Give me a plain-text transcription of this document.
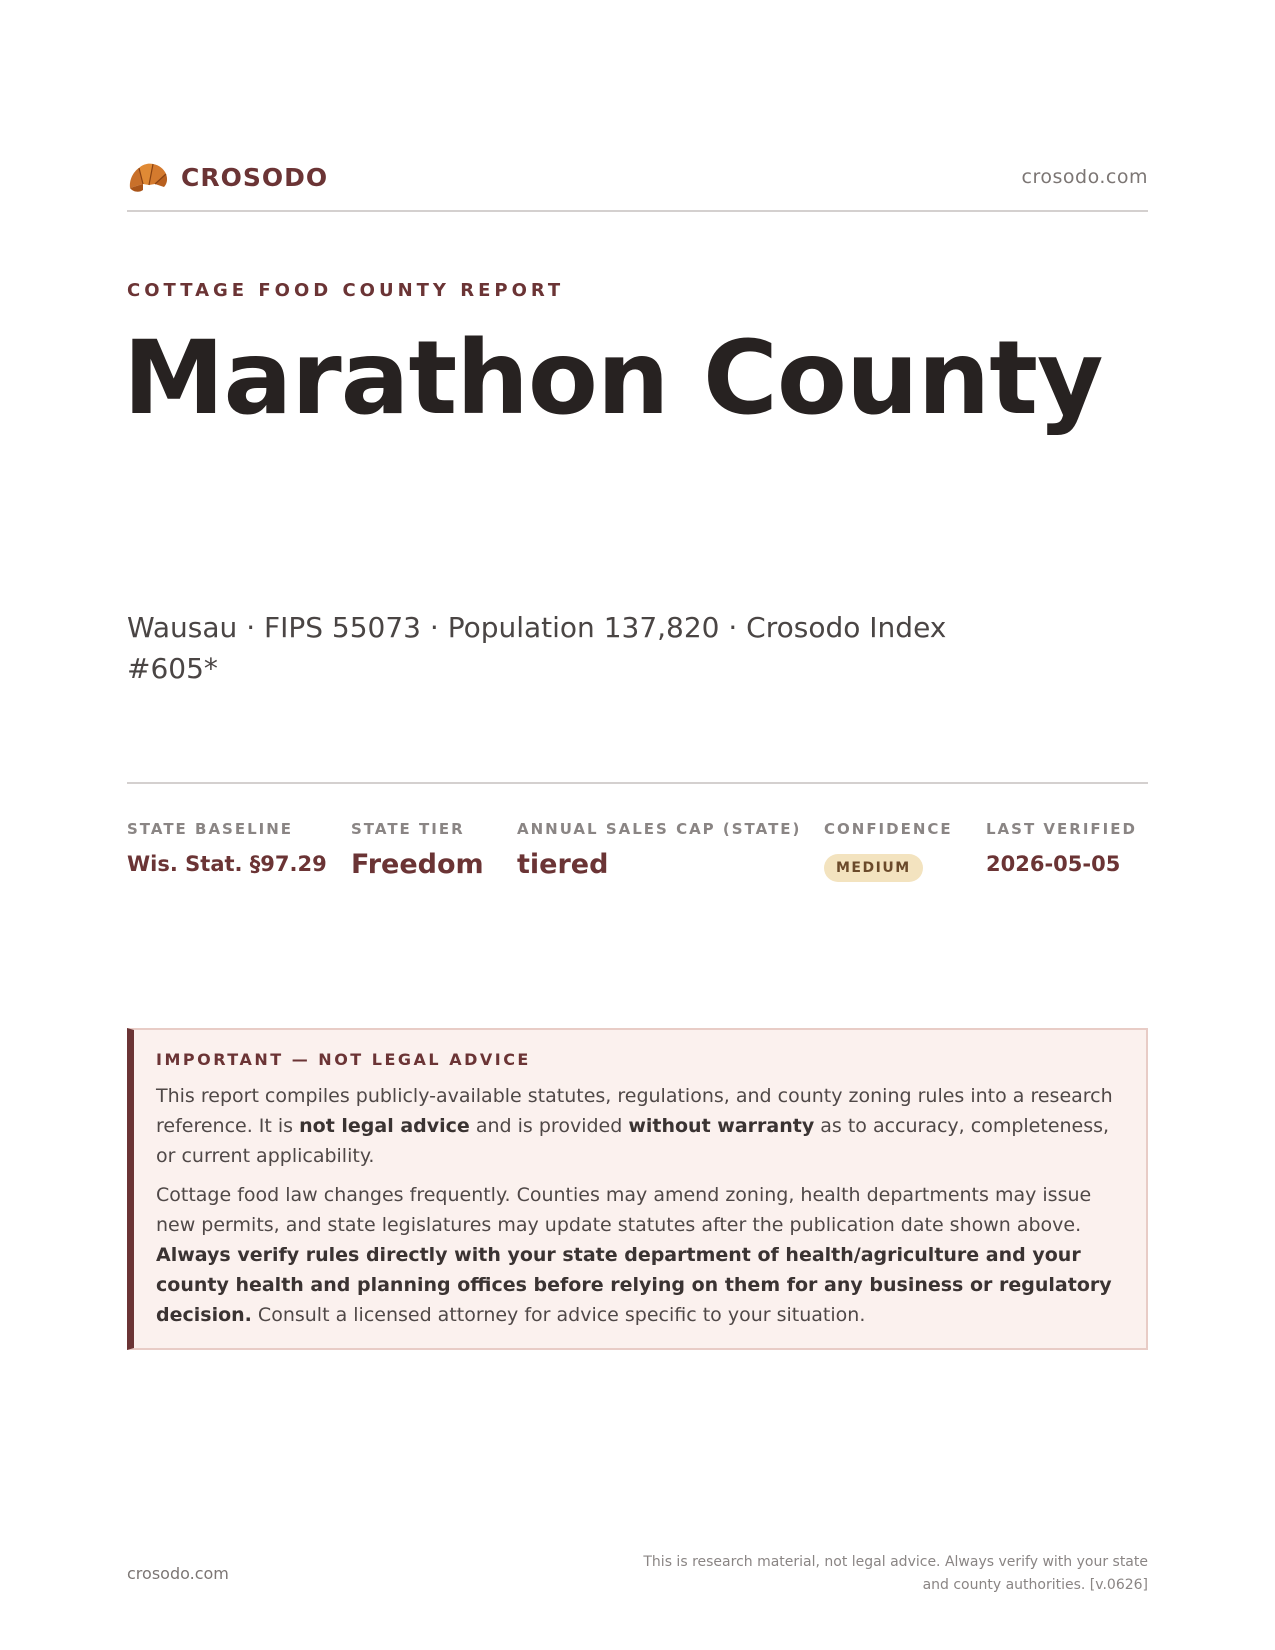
CROSODO	crosodo.com
COTTAGE FOOD COUNTY REPORT
Marathon County
Wausau · FIPS 55073 · Population 137,820 · Crosodo Index #605*
STATE BASELINE
Wis. Stat. §97.29
STATE TIER
Freedom
ANNUAL SALES CAP (STATE)
tiered
CONFIDENCE
MEDIUM
LAST VERIFIED
2026-05-05
IMPORTANT — NOT LEGAL ADVICE

This report compiles publicly-available statutes, regulations, and county zoning rules into a research reference. It is not legal advice and is provided without warranty as to accuracy, completeness, or current applicability.

Cottage food law changes frequently. Counties may amend zoning, health departments may issue new permits, and state legislatures may update statutes after the publication date shown above. Always verify rules directly with your state department of health/agriculture and your county health and planning offices before relying on them for any business or regulatory decision. Consult a licensed attorney for advice specific to your situation.

crosodo.com
This is research material, not legal advice. Always verify with your state
and county authorities. [v.0626]
